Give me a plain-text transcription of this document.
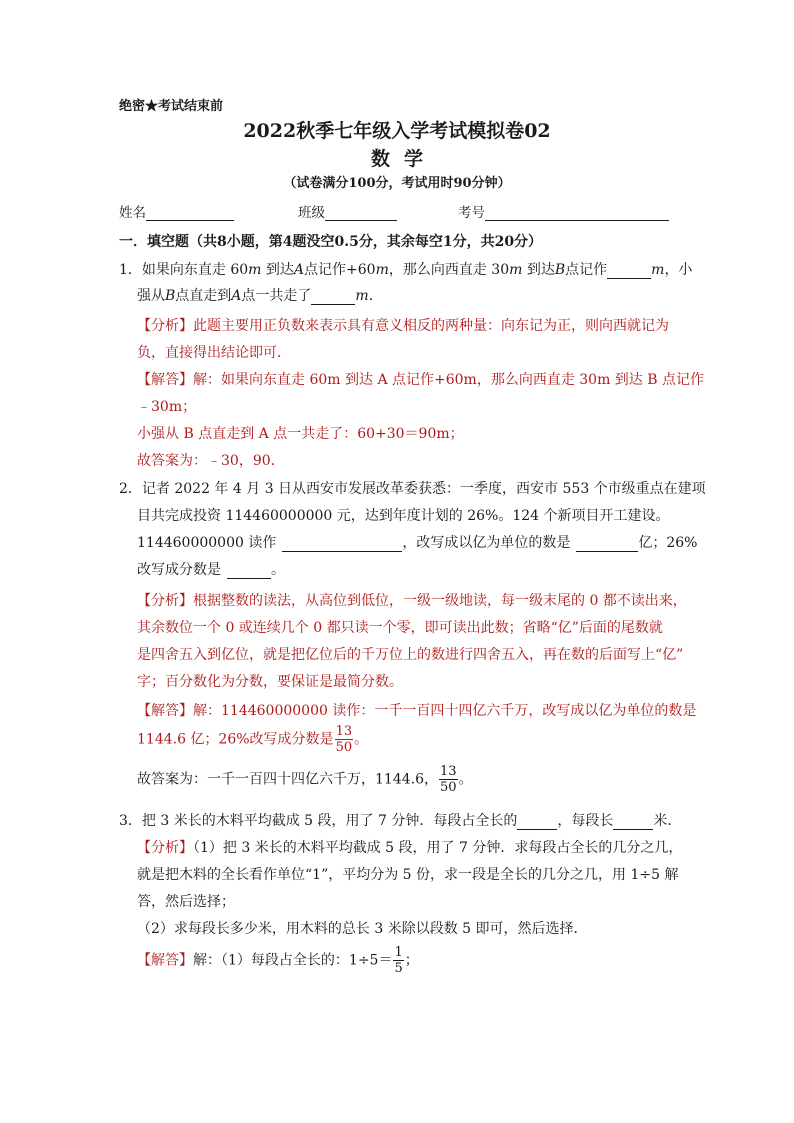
绝密★考试结束前
2022秋季七年级入学考试模拟卷02
数学
（试卷满分100分，考试用时90分钟）
姓名	班级	考号
一．填空题（共8小题，第4题没空0.5分，其余每空1分，共20分）
1．如果向东直走 60m 到达A点记作+60m，那么向西直走 30m 到达B点记作	m，小
强从B点直走到A点一共走了	m．
【分析】此题主要用正负数来表示具有意义相反的两种量：向东记为正，则向西就记为
负，直接得出结论即可．
【解答】解：如果向东直走 60m 到达 A 点记作+60m，那么向西直走 30m 到达 B 点记作
﹣30m；
小强从 B 点直走到 A 点一共走了：60+30＝90m；
故答案为：﹣30，90．
2．记者 2022 年 4 月 3 日从西安市发展改革委获悉：一季度，西安市 553 个市级重点在建项
目共完成投资 114460000000 元，达到年度计划的 26%。124 个新项目开工建设。
114460000000 读作	，改写成以亿为单位的数是	亿；26%
改写成分数是	。
【分析】根据整数的读法，从高位到低位，一级一级地读，每一级末尾的 0 都不读出来，
其余数位一个 0 或连续几个 0 都只读一个零，即可读出此数；省略“亿”后面的尾数就
是四舍五入到亿位，就是把亿位后的千万位上的数进行四舍五入，再在数的后面写上“亿”
字；百分数化为分数，要保证是最简分数。
【解答】解：114460000000 读作：一千一百四十四亿六千万，改写成以亿为单位的数是
1144.6 亿；26%改写成分数是 $\frac{13}{50}$ 。
故答案为：一千一百四十四亿六千万，1144.6， $\frac{13}{50}$ 。
3．把 3 米长的木料平均截成 5 段，用了 7 分钟．每段占全长的	，每段长	米．
【分析】（1）把 3 米长的木料平均截成 5 段，用了 7 分钟．求每段占全长的几分之几，
就是把木料的全长看作单位“1”，平均分为 5 份，求一段是全长的几分之几，用 1÷5 解
答，然后选择；
（2）求每段长多少米，用木料的总长 3 米除以段数 5 即可，然后选择．
【解答】解：（1）每段占全长的：$1\div 5= \frac{1}{5}$ ；
